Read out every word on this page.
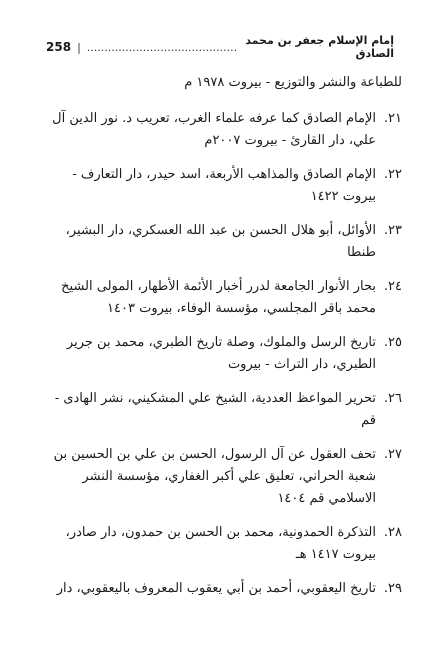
258 | ........................................... إمام الإسلام جعفر بن محمد الصادق

للطباعة والنشر والتوزيع - بيروت ١٩٧٨ م

٢١.
الإمام الصادق كما عرفه علماء الغرب، تعريب د. نور الدين آل علي، دار القارئ - بيروت ٢٠٠٧م
٢٢.
الإمام الصادق والمذاهب الأربعة، اسد حيدر، دار التعارف - بيروت ١٤٢٢
٢٣.
الأوائل، أبو هلال الحسن بن عبد الله العسكري، دار البشير، طنطا
٢٤.
بحار الأنوار الجامعة لدرر أخبار الأئمة الأطهار، المولى الشيخ محمد باقر المجلسي، مؤسسة الوفاء، بيروت ١٤٠٣
٢٥.
تاريخ الرسل والملوك، وصلة تاريخ الطبري، محمد بن جرير الطبري، دار التراث - بيروت
٢٦.
تحرير المواعظ العددية، الشيخ علي المشكيني، نشر الهادى - قم
٢٧.
تحف العقول عن آل الرسول، الحسن بن علي بن الحسين بن شعبة الحراني، تعليق علي أكبر الغفاري، مؤسسة النشر الاسلامي قم ١٤٠٤
٢٨.
التذكرة الحمدونية، محمد بن الحسن بن حمدون، دار صادر، بيروت ١٤١٧ هـ
٢٩.
تاريخ اليعقوبي، أحمد بن أبي يعقوب المعروف باليعقوبي، دار
